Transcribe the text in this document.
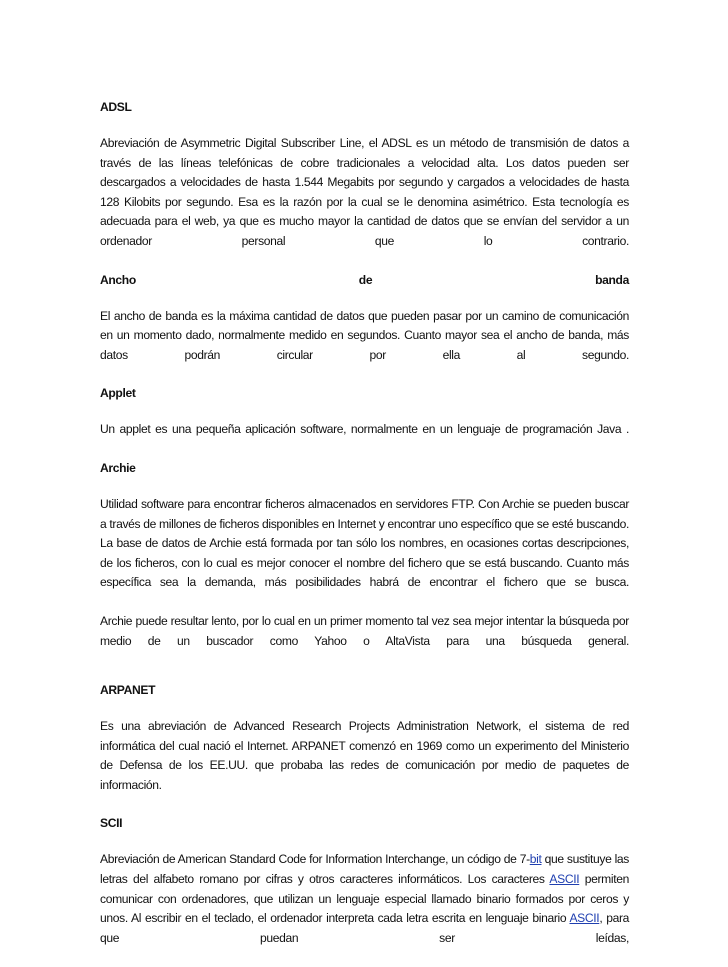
ADSL

Abreviación de Asymmetric Digital Subscriber Line, el ADSL es un método de transmisión de datos a través de las líneas telefónicas de cobre tradicionales a velocidad alta. Los datos pueden ser descargados a velocidades de hasta 1.544 Megabits por segundo y cargados a velocidades de hasta 128 Kilobits por segundo. Esa es la razón por la cual se le denomina asimétrico. Esta tecnología es adecuada para el web, ya que es mucho mayor la cantidad de datos que se envían del servidor a un ordenador personal que lo contrario.

Ancho	de	banda

El ancho de banda es la máxima cantidad de datos que pueden pasar por un camino de comunicación en un momento dado, normalmente medido en segundos. Cuanto mayor sea el ancho de banda, más datos podrán circular por ella al segundo.

Applet

Un applet es una pequeña aplicación software, normalmente en un lenguaje de programación Java .

Archie

Utilidad software para encontrar ficheros almacenados en servidores FTP. Con Archie se pueden buscar a través de millones de ficheros disponibles en Internet y encontrar uno específico que se esté buscando. La base de datos de Archie está formada por tan sólo los nombres, en ocasiones cortas descripciones, de los ficheros, con lo cual es mejor conocer el nombre del fichero que se está buscando. Cuanto más específica sea la demanda, más posibilidades habrá de encontrar el fichero que se busca.

Archie puede resultar lento, por lo cual en un primer momento tal vez sea mejor intentar la búsqueda por medio de un buscador como Yahoo o AltaVista para una búsqueda general.

ARPANET

Es una abreviación de Advanced Research Projects Administration Network, el sistema de red informática del cual nació el Internet. ARPANET comenzó en 1969 como un experimento del Ministerio de Defensa de los EE.UU. que probaba las redes de comunicación por medio de paquetes de información.

SCII

Abreviación de American Standard Code for Information Interchange, un código de 7-bit que sustituye las letras del alfabeto romano por cifras y otros caracteres informáticos. Los caracteres ASCII permiten comunicar con ordenadores, que utilizan un lenguaje especial llamado binario formados por ceros y unos. Al escribir en el teclado, el ordenador interpreta cada letra escrita en lenguaje binario ASCII, para que puedan ser leídas,
